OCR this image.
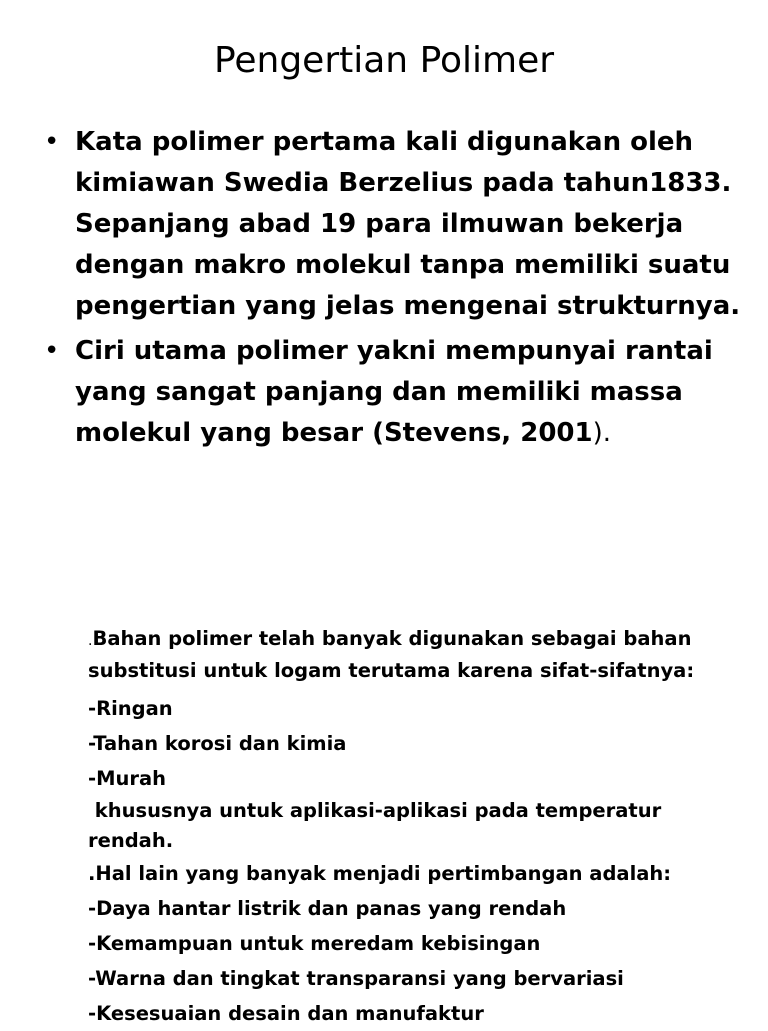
Pengertian Polimer
• Kata polimer pertama kali digunakan oleh
kimiawan Swedia Berzelius pada tahun1833.
Sepanjang abad 19 para ilmuwan bekerja
dengan makro molekul tanpa memiliki suatu
pengertian yang jelas mengenai strukturnya.
• Ciri utama polimer yakni mempunyai rantai
yang sangat panjang dan memiliki massa
molekul yang besar (Stevens, 2001).
.Bahan polimer telah banyak digunakan sebagai bahan
substitusi untuk logam terutama karena sifat-sifatnya:
-Ringan
-Tahan korosi dan kimia
-Murah
khususnya untuk aplikasi-aplikasi pada temperatur
rendah.
.Hal lain yang banyak menjadi pertimbangan adalah:
-Daya hantar listrik dan panas yang rendah
-Kemampuan untuk meredam kebisingan
-Warna dan tingkat transparansi yang bervariasi
-Kesesuaian desain dan manufaktur
